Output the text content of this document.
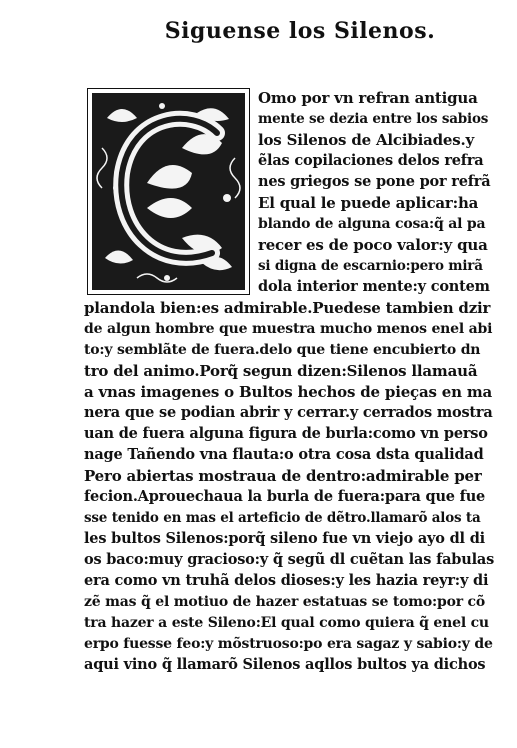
Siguense los Silenos.
Omo por vn refran antigua
mente se dezia entre los sabios
los Silenos de Alcibiades.y
ẽlas copilaciones delos refra
nes griegos se pone por refrã
El qual le puede aplicar:ha
blando de alguna cosa:q̃ al pa
recer es de poco valor:y qua
si digna de escarnio:pero mirã
dola interior mente:y contem
plandola bien:es admirable.Puedese tambien dzir
de algun hombre que muestra mucho menos enel abi
to:y semblãte de fuera.delo que tiene encubierto dn
tro del animo.Porq̃ segun dizen:Silenos llamauã
a vnas imagenes o Bultos hechos de pieças en ma
nera que se podian abrir y cerrar.y cerrados mostra
uan de fuera alguna figura de burla:como vn perso
nage Tañendo vna flauta:o otra cosa dsta qualidad
Pero abiertas mostraua de dentro:admirable per
fecion.Aprouechaua la burla de fuera:para que fue
sse tenido en mas el arteficio de dẽtro.llamarõ alos ta
les bultos Silenos:porq̃ sileno fue vn viejo ayo dl di
os baco:muy gracioso:y q̃ segũ dl cuẽtan las fabulas
era como vn truhã delos dioses:y les hazia reyr:y di
zẽ mas q̃ el motiuo de hazer estatuas se tomo:por cõ
tra hazer a este Sileno:El qual como quiera q̃ enel cu
erpo fuesse feo:y mõstruoso:po era sagaz y sabio:y de
aqui vino q̃ llamarõ Silenos aqllos bultos ya dichos
